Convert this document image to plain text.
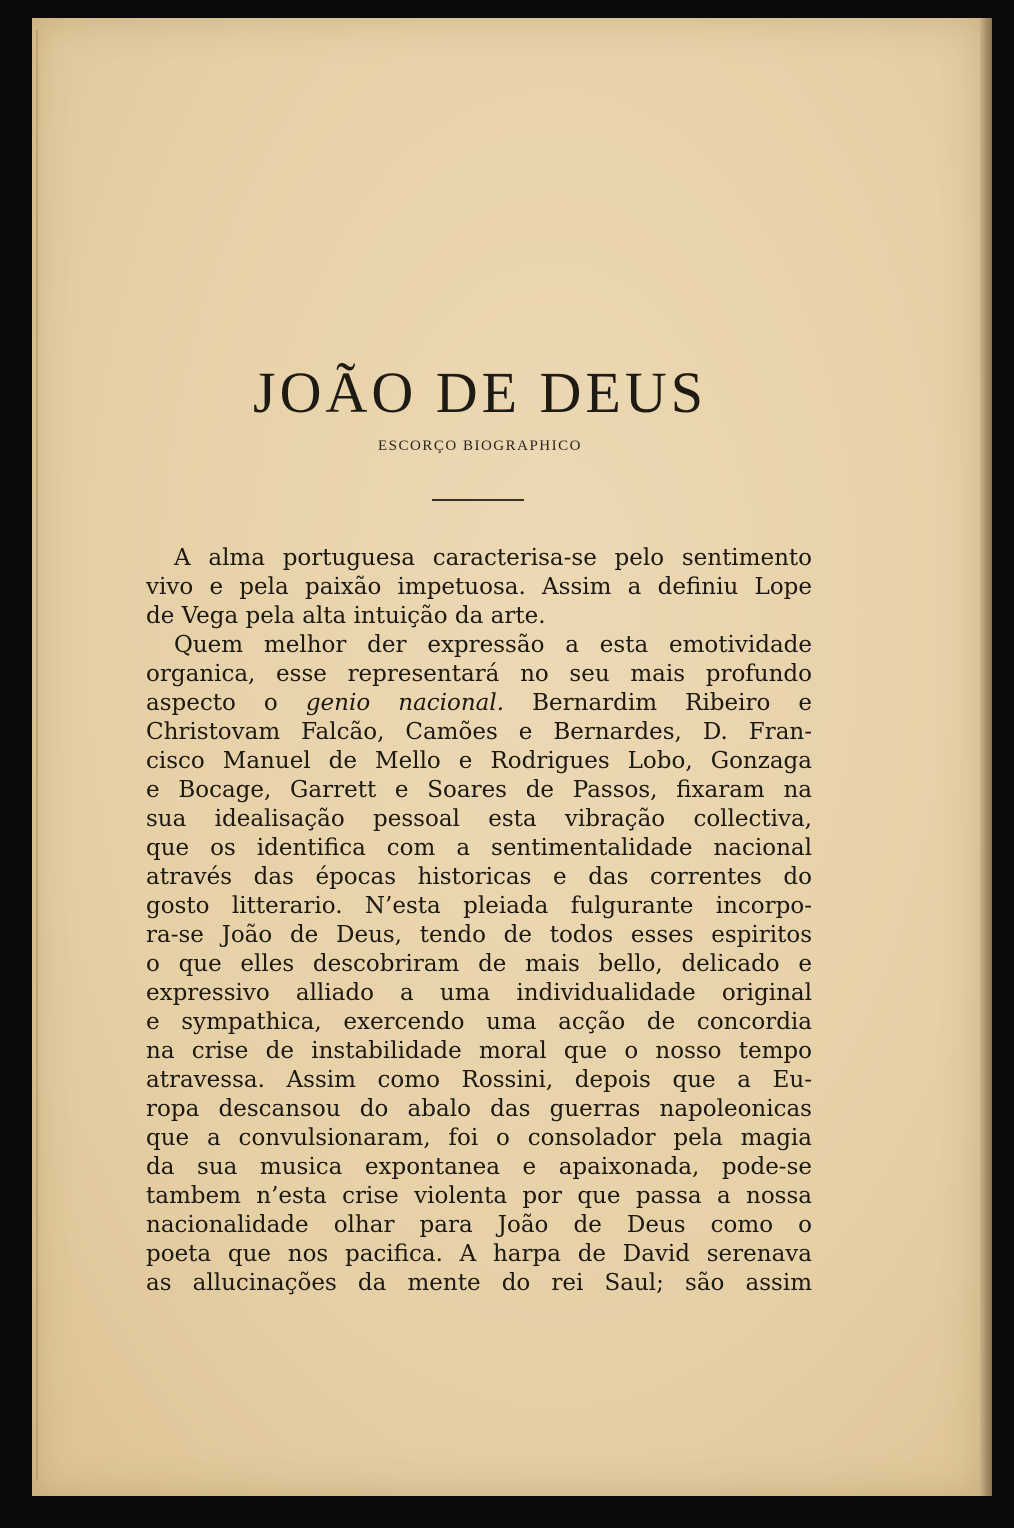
JOÃO DE DEUS
ESCORÇO BIOGRAPHICO
A alma portuguesa caracterisa-se pelo sentimento
vivo e pela paixão impetuosa. Assim a definiu Lope
de Vega pela alta intuição da arte.
Quem melhor der expressão a esta emotividade
organica, esse representará no seu mais profundo
aspecto o genio nacional. Bernardim Ribeiro e
Christovam Falcão, Camões e Bernardes, D. Fran-
cisco Manuel de Mello e Rodrigues Lobo, Gonzaga
e Bocage, Garrett e Soares de Passos, fixaram na
sua idealisação pessoal esta vibração collectiva,
que os identifica com a sentimentalidade nacional
através das épocas historicas e das correntes do
gosto litterario. N’esta pleiada fulgurante incorpo-
ra-se João de Deus, tendo de todos esses espiritos
o que elles descobriram de mais bello, delicado e
expressivo alliado a uma individualidade original
e sympathica, exercendo uma acção de concordia
na crise de instabilidade moral que o nosso tempo
atravessa. Assim como Rossini, depois que a Eu-
ropa descansou do abalo das guerras napoleonicas
que a convulsionaram, foi o consolador pela magia
da sua musica expontanea e apaixonada, pode-se
tambem n’esta crise violenta por que passa a nossa
nacionalidade olhar para João de Deus como o
poeta que nos pacifica. A harpa de David serenava
as allucinações da mente do rei Saul; são assim
